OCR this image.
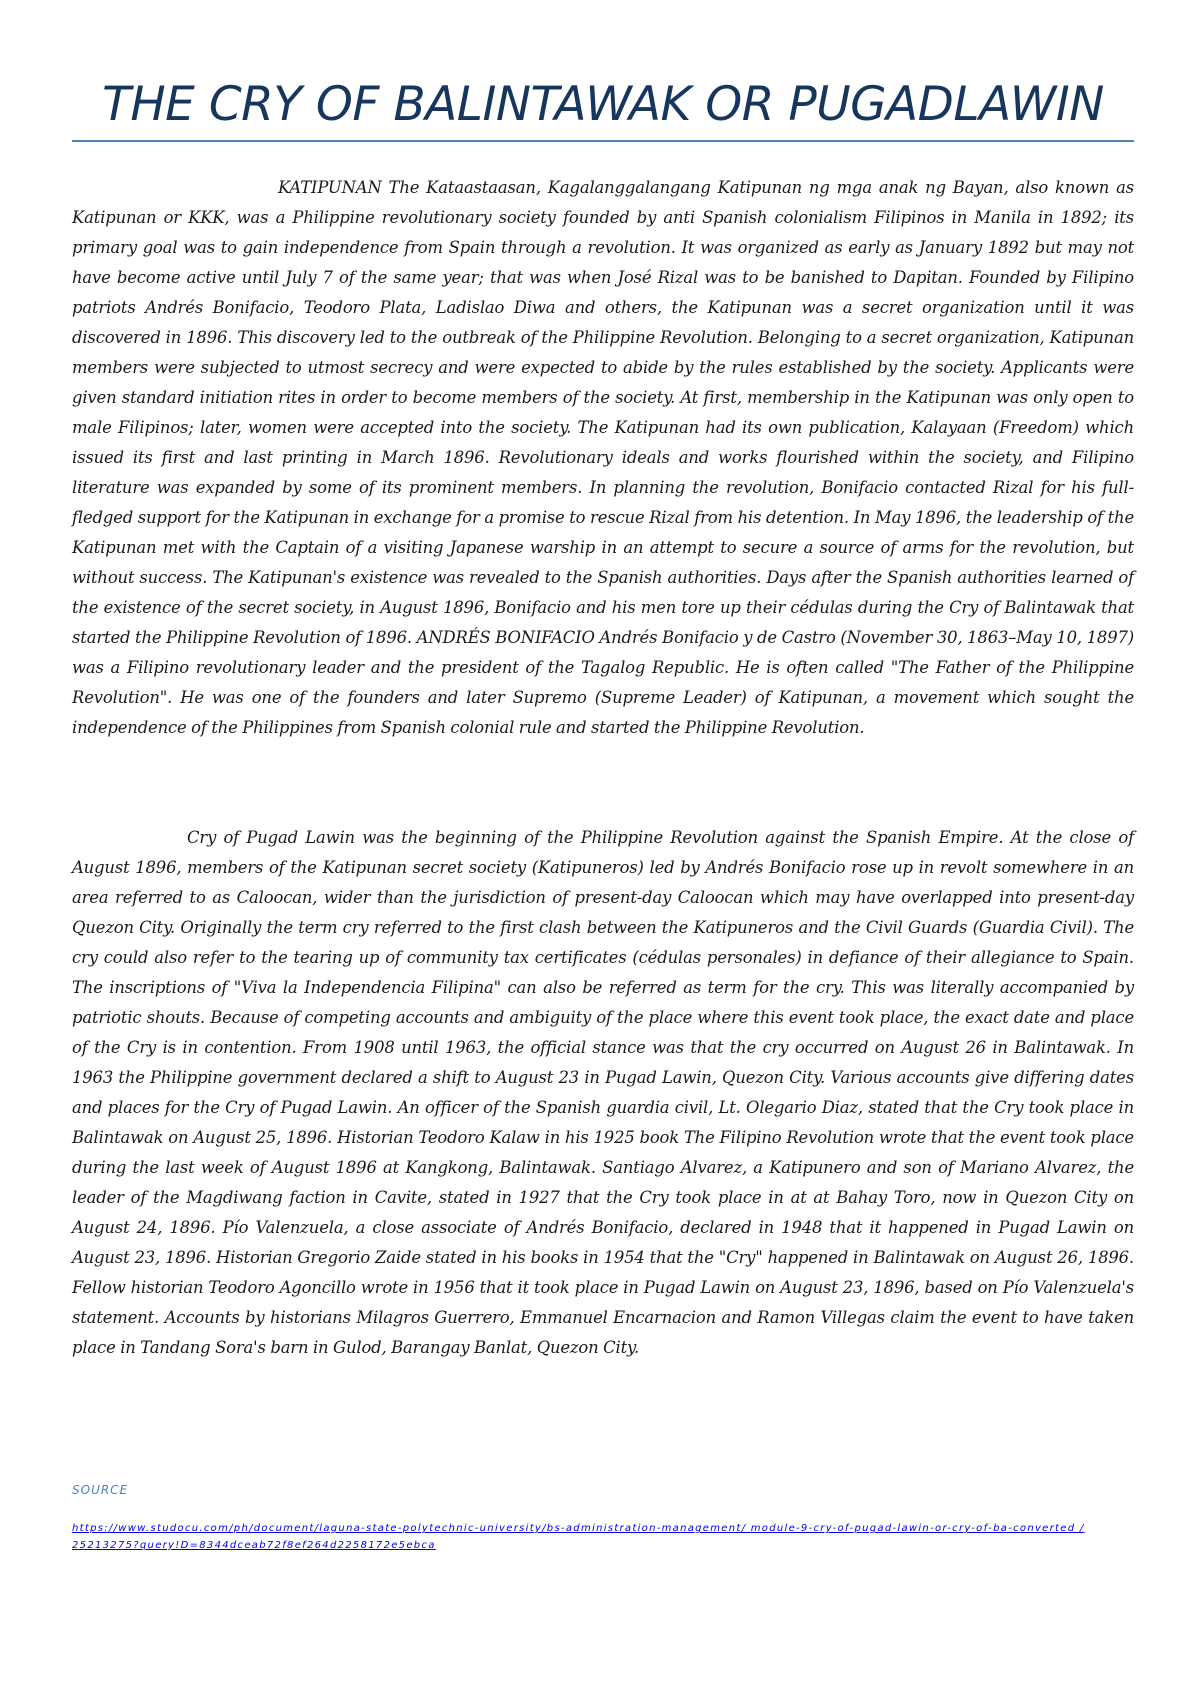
THE CRY OF BALINTAWAK OR PUGADLAWIN

KATIPUNAN The Kataastaasan, Kagalanggalangang Katipunan ng mga anak ng Bayan, also known as Katipunan or KKK, was a Philippine revolutionary society founded by anti Spanish colonialism Filipinos in Manila in 1892; its primary goal was to gain independence from Spain through a revolution. It was organized as early as January 1892 but may not have become active until July 7 of the same year; that was when José Rizal was to be banished to Dapitan. Founded by Filipino patriots Andrés Bonifacio, Teodoro Plata, Ladislao Diwa and others, the Katipunan was a secret organization until it was discovered in 1896. This discovery led to the outbreak of the Philippine Revolution. Belonging to a secret organization, Katipunan members were subjected to utmost secrecy and were expected to abide by the rules established by the society. Applicants were given standard initiation rites in order to become members of the society. At first, membership in the Katipunan was only open to male Filipinos; later, women were accepted into the society. The Katipunan had its own publication, Kalayaan (Freedom) which issued its first and last printing in March 1896. Revolutionary ideals and works flourished within the society, and Filipino literature was expanded by some of its prominent members. In planning the revolution, Bonifacio contacted Rizal for his full-fledged support for the Katipunan in exchange for a promise to rescue Rizal from his detention. In May 1896, the leadership of the Katipunan met with the Captain of a visiting Japanese warship in an attempt to secure a source of arms for the revolution, but without success. The Katipunan's existence was revealed to the Spanish authorities. Days after the Spanish authorities learned of the existence of the secret society, in August 1896, Bonifacio and his men tore up their cédulas during the Cry of Balintawak that started the Philippine Revolution of 1896. ANDRÉS BONIFACIO Andrés Bonifacio y de Castro (November 30, 1863–May 10, 1897) was a Filipino revolutionary leader and the president of the Tagalog Republic. He is often called "The Father of the Philippine Revolution". He was one of the founders and later Supremo (Supreme Leader) of Katipunan, a movement which sought the independence of the Philippines from Spanish colonial rule and started the Philippine Revolution.

Cry of Pugad Lawin was the beginning of the Philippine Revolution against the Spanish Empire. At the close of August 1896, members of the Katipunan secret society (Katipuneros) led by Andrés Bonifacio rose up in revolt somewhere in an area referred to as Caloocan, wider than the jurisdiction of present-day Caloocan which may have overlapped into present-day Quezon City. Originally the term cry referred to the first clash between the Katipuneros and the Civil Guards (Guardia Civil). The cry could also refer to the tearing up of community tax certificates (cédulas personales) in defiance of their allegiance to Spain. The inscriptions of "Viva la Independencia Filipina" can also be referred as term for the cry. This was literally accompanied by patriotic shouts. Because of competing accounts and ambiguity of the place where this event took place, the exact date and place of the Cry is in contention. From 1908 until 1963, the official stance was that the cry occurred on August 26 in Balintawak. In 1963 the Philippine government declared a shift to August 23 in Pugad Lawin, Quezon City. Various accounts give differing dates and places for the Cry of Pugad Lawin. An officer of the Spanish guardia civil, Lt. Olegario Diaz, stated that the Cry took place in Balintawak on August 25, 1896. Historian Teodoro Kalaw in his 1925 book The Filipino Revolution wrote that the event took place during the last week of August 1896 at Kangkong, Balintawak. Santiago Alvarez, a Katipunero and son of Mariano Alvarez, the leader of the Magdiwang faction in Cavite, stated in 1927 that the Cry took place in at at Bahay Toro, now in Quezon City on August 24, 1896. Pío Valenzuela, a close associate of Andrés Bonifacio, declared in 1948 that it happened in Pugad Lawin on August 23, 1896. Historian Gregorio Zaide stated in his books in 1954 that the "Cry" happened in Balintawak on August 26, 1896. Fellow historian Teodoro Agoncillo wrote in 1956 that it took place in Pugad Lawin on August 23, 1896, based on Pío Valenzuela's statement. Accounts by historians Milagros Guerrero, Emmanuel Encarnacion and Ramon Villegas claim the event to have taken place in Tandang Sora's barn in Gulod, Barangay Banlat, Quezon City.

SOURCE

https://www.studocu.com/ph/document/laguna-state-polytechnic-university/bs-administration-management/ module-9-cry-of-pugad-lawin-or-cry-of-ba-converted /25213275?query!D=8344dceab72f8ef264d2258172e5ebca
